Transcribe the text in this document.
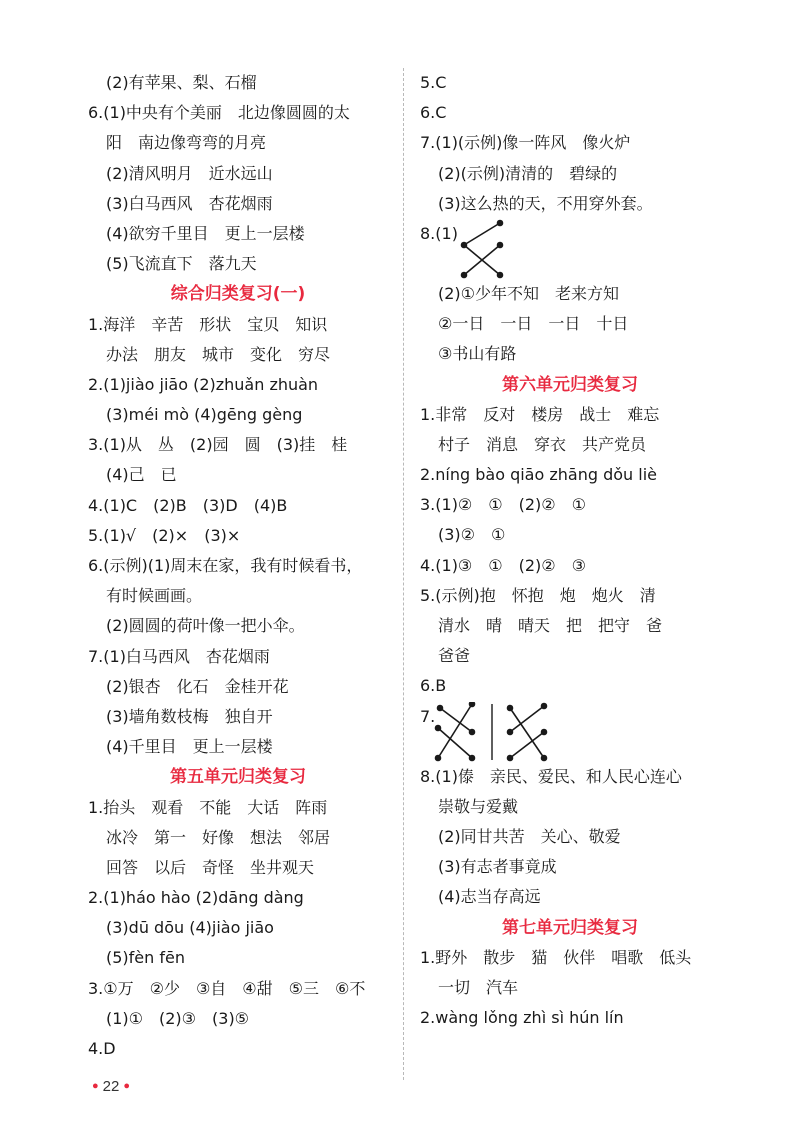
(2)有苹果、梨、石榴
6.(1)中央有个美丽　北边像圆圆的太
阳　南边像弯弯的月亮
(2)清风明月　近水远山
(3)白马西风　杏花烟雨
(4)欲穷千里目　更上一层楼
(5)飞流直下　落九天
综合归类复习(一)
1.海洋　辛苦　形状　宝贝　知识
办法　朋友　城市　变化　穷尽
2.(1)jiào jiāo (2)zhuǎn zhuàn
(3)méi mò (4)gēng gèng
3.(1)从　丛　(2)园　圆　(3)挂　桂
(4)己　已
4.(1)C　(2)B　(3)D　(4)B
5.(1)√　(2)×　(3)×
6.(示例)(1)周末在家，我有时候看书，
有时候画画。
(2)圆圆的荷叶像一把小伞。
7.(1)白马西风　杏花烟雨
(2)银杏　化石　金桂开花
(3)墙角数枝梅　独自开
(4)千里目　更上一层楼
第五单元归类复习
1.抬头　观看　不能　大话　阵雨
冰冷　第一　好像　想法　邻居
回答　以后　奇怪　坐井观天
2.(1)háo hào (2)dāng dàng
(3)dū dōu (4)jiào jiāo
(5)fèn fēn
3.①万　②少　③自　④甜　⑤三　⑥不
(1)①　(2)③　(3)⑤
4.D
5.C
6.C
7.(1)(示例)像一阵风　像火炉
(2)(示例)清清的　碧绿的
(3)这么热的天，不用穿外套。
8.(1)
(2)①少年不知　老来方知
②一日　一日　一日　十日
③书山有路
第六单元归类复习
1.非常　反对　楼房　战士　难忘
村子　消息　穿衣　共产党员
2.níng bào qiāo zhāng dǒu liè
3.(1)②　①　(2)②　①
(3)②　①
4.(1)③　①　(2)②　③
5.(示例)抱　怀抱　炮　炮火　清
清水　晴　晴天　把　把守　爸
爸爸
6.B
7.
8.(1)傣　亲民、爱民、和人民心连心
崇敬与爱戴
(2)同甘共苦　关心、敬爱
(3)有志者事竟成
(4)志当存高远
第七单元归类复习
1.野外　散步　猫　伙伴　唱歌　低头
一切　汽车
2.wàng lǒng zhì sì hún lín
● 22 ●
